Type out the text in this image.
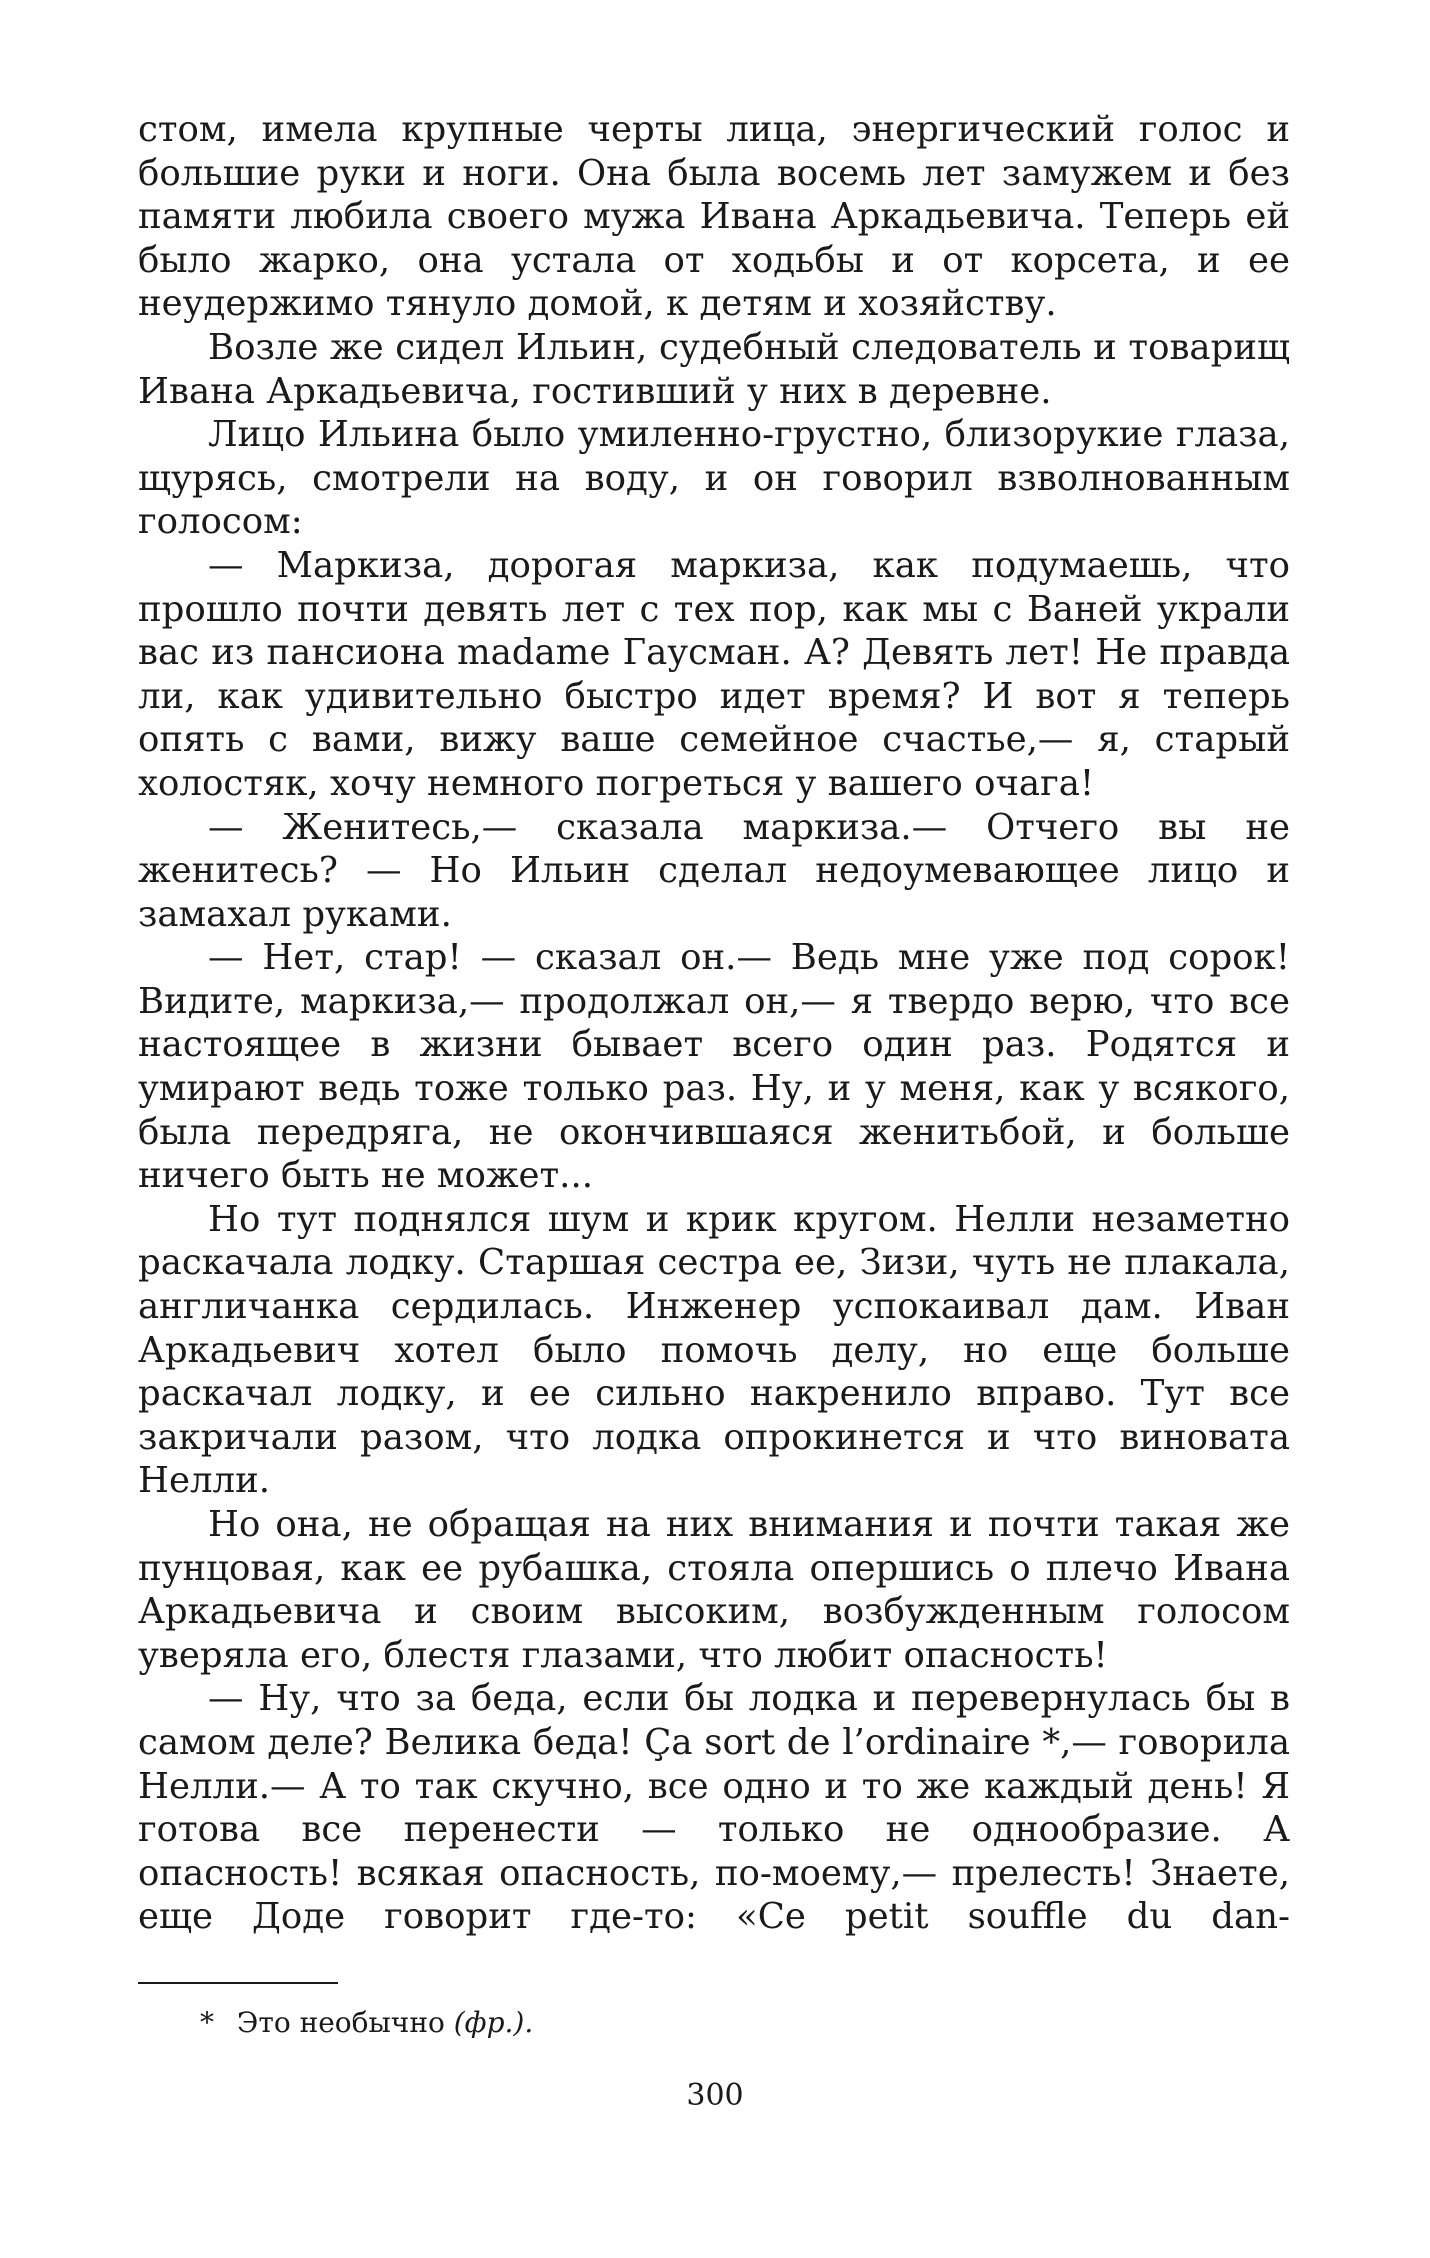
стом, имела крупные черты лица, энергический голос и большие руки и ноги. Она была восемь лет замужем и без памяти любила своего мужа Ивана Аркадьевича. Теперь ей было жарко, она устала от ходьбы и от корсета, и ее неудержимо тянуло домой, к детям и хозяйству.

Возле же сидел Ильин, судебный следователь и товарищ Ивана Аркадьевича, гостивший у них в деревне.

Лицо Ильина было умиленно-грустно, близорукие глаза, щурясь, смотрели на воду, и он говорил взволнованным голосом:

— Маркиза, дорогая маркиза, как подумаешь, что прошло почти девять лет с тех пор, как мы с Ваней украли вас из пансиона madame Гаусман. А? Девять лет! Не правда ли, как удивительно быстро идет время? И вот я теперь опять с вами, вижу ваше семейное счастье,— я, старый холостяк, хочу немного погреться у вашего очага!

— Женитесь,— сказала маркиза.— Отчего вы не женитесь? — Но Ильин сделал недоумевающее лицо и замахал руками.

— Нет, стар! — сказал он.— Ведь мне уже под сорок! Видите, маркиза,— продолжал он,— я твердо верю, что все настоящее в жизни бывает всего один раз. Родятся и умирают ведь тоже только раз. Ну, и у меня, как у всякого, была передряга, не окончившаяся женитьбой, и больше ничего быть не может...

Но тут поднялся шум и крик кругом. Нелли незаметно раскачала лодку. Старшая сестра ее, Зизи, чуть не плакала, англичанка сердилась. Инженер успокаивал дам. Иван Аркадьевич хотел было помочь делу, но еще больше раскачал лодку, и ее сильно накренило вправо. Тут все закричали разом, что лодка опрокинется и что виновата Нелли.

Но она, не обращая на них внимания и почти такая же пунцовая, как ее рубашка, стояла опершись о плечо Ивана Аркадьевича и своим высоким, возбужденным голосом уверяла его, блестя глазами, что любит опасность!

— Ну, что за беда, если бы лодка и перевернулась бы в самом деле? Велика беда! Ça sort de l’ordinaire *,— говорила Нелли.— А то так скучно, все одно и то же каждый день! Я готова все перенести — только не однообразие. А опасность! всякая опасность, по-моему,— прелесть! Знаете, еще Доде говорит где-то: «Ce petit souffle du dan-

* Это необычно (фр.).
300
